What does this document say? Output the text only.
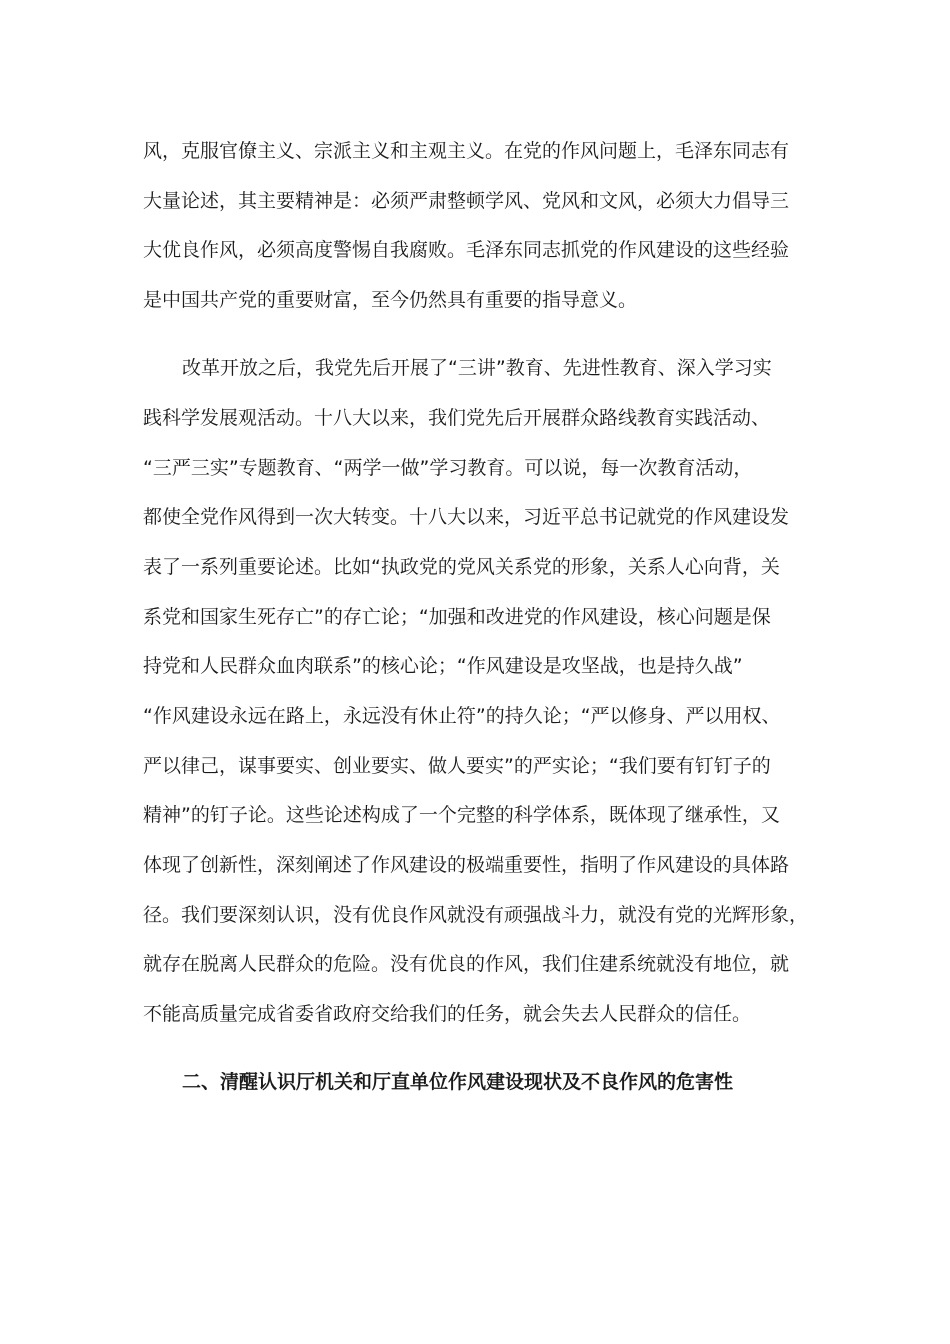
风，克服官僚主义、宗派主义和主观主义。在党的作风问题上，毛泽东同志有
大量论述，其主要精神是：必须严肃整顿学风、党风和文风，必须大力倡导三
大优良作风，必须高度警惕自我腐败。毛泽东同志抓党的作风建设的这些经验
是中国共产党的重要财富，至今仍然具有重要的指导意义。
改革开放之后，我党先后开展了“三讲”教育、先进性教育、深入学习实
践科学发展观活动。十八大以来，我们党先后开展群众路线教育实践活动、
“三严三实”专题教育、“两学一做”学习教育。可以说，每一次教育活动，
都使全党作风得到一次大转变。十八大以来，习近平总书记就党的作风建设发
表了一系列重要论述。比如“执政党的党风关系党的形象，关系人心向背，关
系党和国家生死存亡”的存亡论；“加强和改进党的作风建设，核心问题是保
持党和人民群众血肉联系”的核心论；“作风建设是攻坚战，也是持久战”
“作风建设永远在路上，永远没有休止符”的持久论；“严以修身、严以用权、
严以律己，谋事要实、创业要实、做人要实”的严实论；“我们要有钉钉子的
精神”的钉子论。这些论述构成了一个完整的科学体系，既体现了继承性，又
体现了创新性，深刻阐述了作风建设的极端重要性，指明了作风建设的具体路
径。我们要深刻认识，没有优良作风就没有顽强战斗力，就没有党的光辉形象，
就存在脱离人民群众的危险。没有优良的作风，我们住建系统就没有地位，就
不能高质量完成省委省政府交给我们的任务，就会失去人民群众的信任。
二、清醒认识厅机关和厅直单位作风建设现状及不良作风的危害性
